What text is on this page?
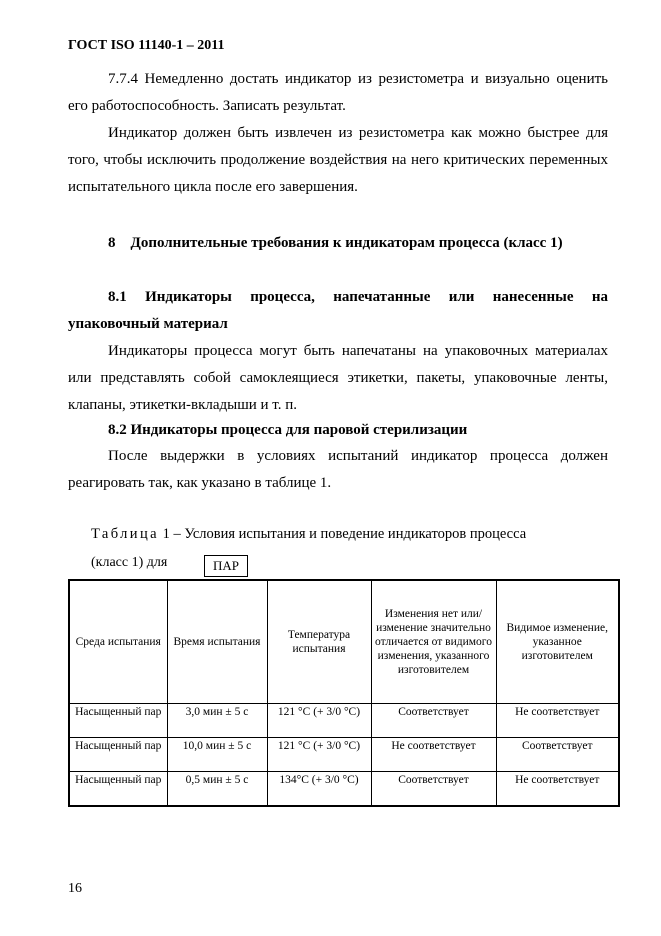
ГОСТ ISO 11140-1 – 2011
7.7.4 Немедленно достать индикатор из резистометра и визуально оценить его работоспособность. Записать результат.
Индикатор должен быть извлечен из резистометра как можно быстрее для того, чтобы исключить продолжение воздействия на него критических переменных испытательного цикла после его завершения.
8 Дополнительные требования к индикаторам процесса (класс 1)
8.1 Индикаторы процесса, напечатанные или нанесенные на упаковочный материал
Индикаторы процесса могут быть напечатаны на упаковочных материалах или представлять собой самоклеящиеся этикетки, пакеты, упаковочные ленты, клапаны, этикетки-вкладыши и т. п.
8.2 Индикаторы процесса для паровой стерилизации
После выдержки в условиях испытаний индикатор процесса должен реагировать так, как указано в таблице 1.
Таблица 1 – Условия испытания и поведение индикаторов процесса
(класс 1) для	ПАР
Среда испытания	Время испытания	Температура испытания	Изменения нет или/изменение значительно отличается от видимого изменения, указанного изготовителем	Видимое изменение, указанное изготовителем
Насыщенный пар	3,0 мин ± 5 с	121 °С (+ 3/0 °С)	Соответствует	Не соответствует
Насыщенный пар	10,0 мин ± 5 с	121 °С (+ 3/0 °С)	Не соответствует	Соответствует
Насыщенный пар	0,5 мин ± 5 с	134°С (+ 3/0 °С)	Соответствует	Не соответствует
16
